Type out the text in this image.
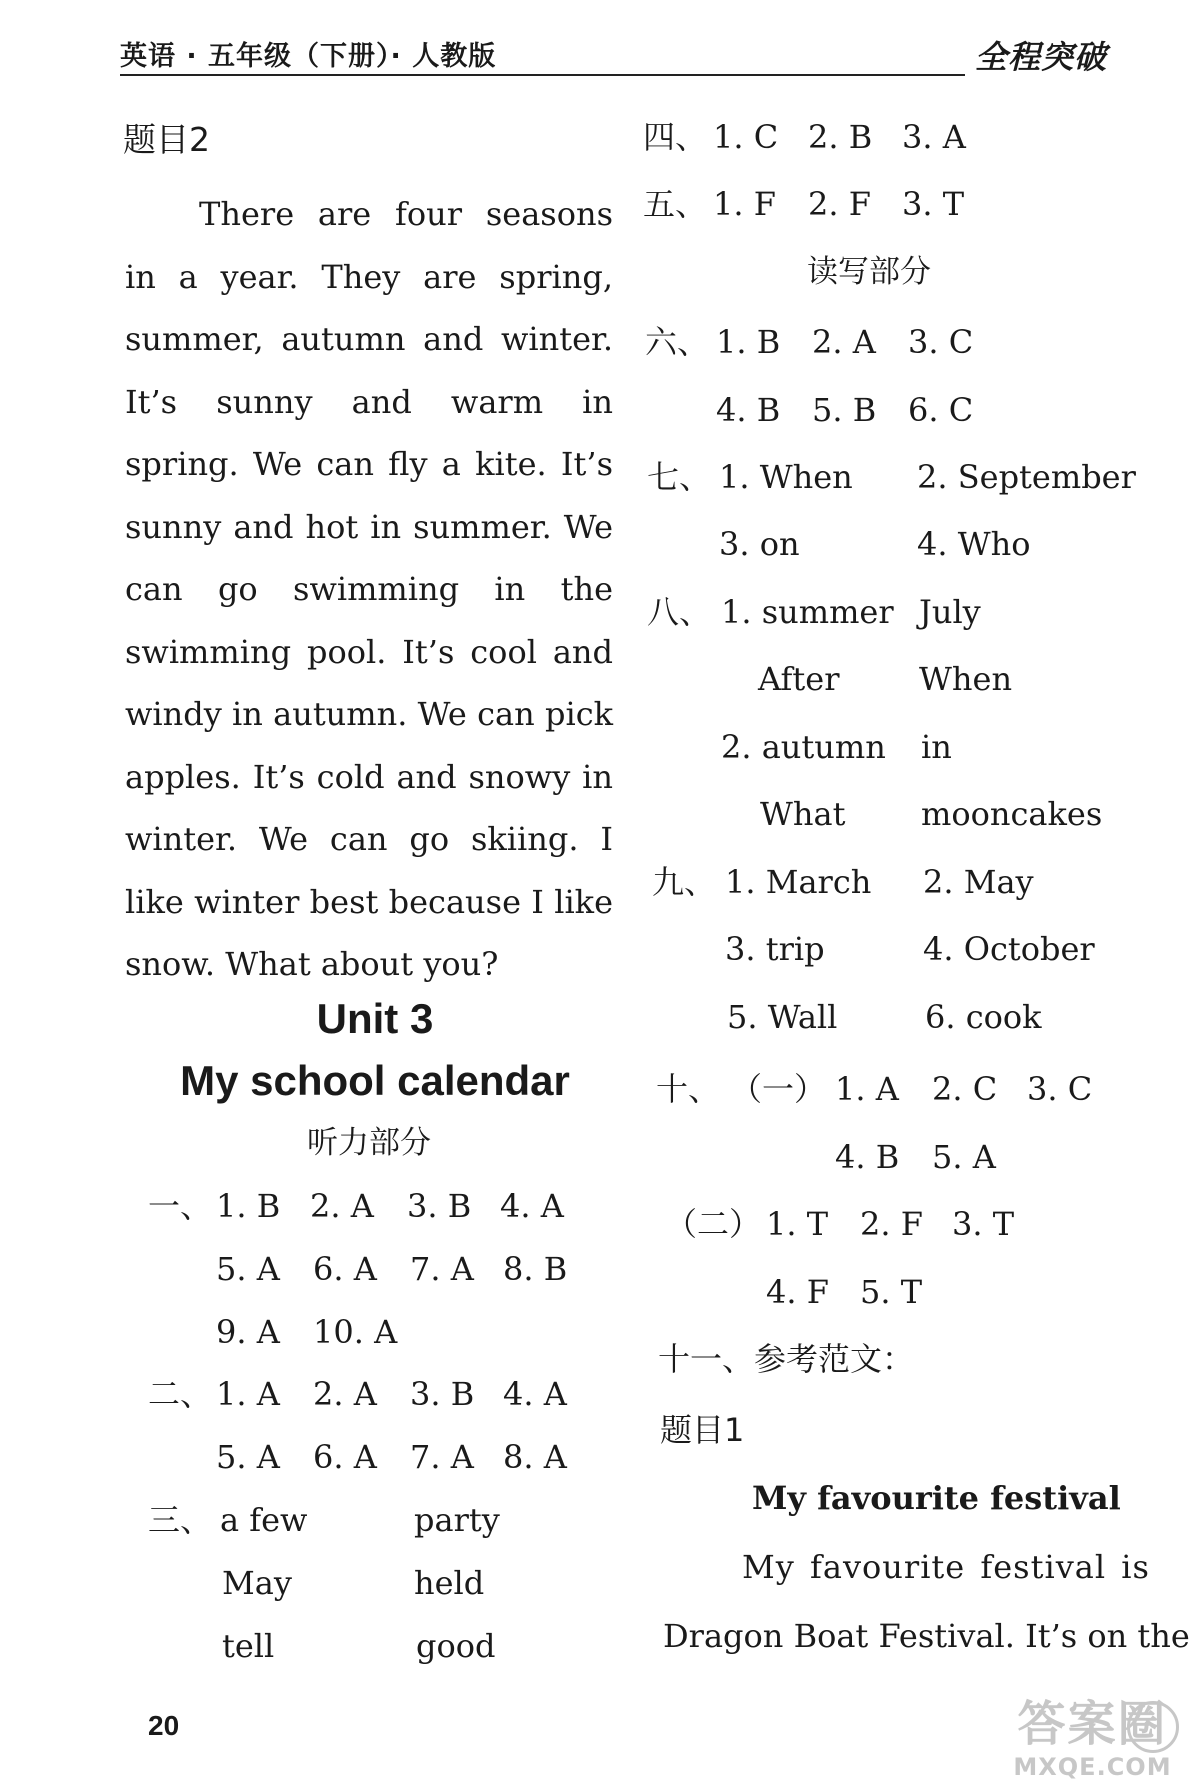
英语 · 五年级（下册）· 人教版	全程突破
题目2
There are four seasons in a year. They are spring, summer, autumn and winter. It’s sunny and warm in spring. We can fly a kite. It’s sunny and hot in summer. We can go swimming in the swimming pool. It’s cool and windy in autumn. We can pick apples. It’s cold and snowy in winter. We can go skiing. I like winter best because I like snow. What about you?
Unit 3
My school calendar
听力部分
一、 1. B 2. A 3. B 4. A
5. A 6. A 7. A 8. B
9. A 10. A
二、 1. A 2. A 3. B 4. A
5. A 6. A 7. A 8. A
三、 a few	party
May	held
tell	good
四、 1. C 2. B 3. A
五、 1. F 2. F 3. T
读写部分
六、 1. B 2. A 3. C
4. B 5. B 6. C
七、 1. When 2. September
3. on	4. Who
八、 1. summer July
After When
2. autumn in
What mooncakes
九、 1. March 2. May
3. trip	4. October
5. Wall	6. cook
十、 （一） 1. A 2. C 3. C
4. B 5. A
（二） 1. T 2. F 3. T
4. F 5. T
十一、参考范文：
题目1
My favourite festival
My favourite festival is
Dragon Boat Festival. It’s on the
20	答案圈
MXQE.COM
